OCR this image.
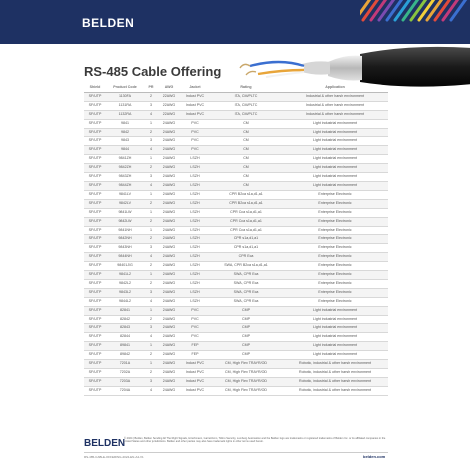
BELDEN
RS-485 Cable Offering
Shield	Product Code	PR	AWG	Jacket	Rating	Application
SF/UTP	1130FA	2	22AWG	Indust PVC	ITA, CM/PLTC	Industrial & other harsh environment
SF/UTP	1131RA	3	22AWG	Indust PVC	ITA, CM/PLTC	Industrial & other harsh environment
SF/UTP	1132RA	4	22AWG	Indust PVC	ITA, CM/PLTC	Industrial & other harsh environment
SF/UTP	9841	1	24AWG	PVC	CM	Light industrial environment
SF/UTP	9842	2	24AWG	PVC	CM	Light industrial environment
SF/UTP	9843	3	24AWG	PVC	CM	Light industrial environment
SF/UTP	9844	4	24AWG	PVC	CM	Light industrial environment
SF/UTP	9841ZH	1	24AWG	LSZH	CM	Light industrial environment
SF/UTP	9842ZH	2	24AWG	LSZH	CM	Light industrial environment
SF/UTP	9843ZH	3	24AWG	LSZH	CM	Light industrial environment
SF/UTP	9844ZH	4	24AWG	LSZH	CM	Light industrial environment
SF/UTP	9841LV	1	24AWG	LSZH	CPR B2ca s1a,d1,a1	Enterprise Electronic
SF/UTP	9842LV	2	24AWG	LSZH	CPR B2ca s1a,d1,a1	Enterprise Electronic
SF/UTP	9841LW	1	24AWG	LSZH	CPR Cca s1a,d1,a1	Enterprise Electronic
SF/UTP	9842LW	2	24AWG	LSZH	CPR Cca s1a,d1,a1	Enterprise Electronic
SF/UTP	9841NH	1	24AWG	LSZH	CPR Cca s1a,d1,a1	Enterprise Electronic
SF/UTP	9842NH	2	24AWG	LSZH	CPR s1a,d1,a1	Enterprise Electronic
SF/UTP	9843NH	3	24AWG	LSZH	CPR s1a,d1,a1	Enterprise Electronic
SF/UTP	9844NH	4	24AWG	LSZH	CPR Eca	Enterprise Electronic
SF/UTP	98401J/G	2	24AWG	LSZH	SWA, CPR B2ca s1a,d1,a1	Enterprise Electronic
SF/UTP	9841L2	1	24AWG	LSZH	SWA, CPR Eca	Enterprise Electronic
SF/UTP	9842L2	2	24AWG	LSZH	SWA, CPR Eca	Enterprise Electronic
SF/UTP	9843L2	3	24AWG	LSZH	SWA, CPR Eca	Enterprise Electronic
SF/UTP	9844L2	4	24AWG	LSZH	SWA, CPR Eca	Enterprise Electronic
SF/UTP	82841	1	24AWG	PVC	CMP	Light industrial environment
SF/UTP	82842	2	24AWG	PVC	CMP	Light industrial environment
SF/UTP	82843	3	24AWG	PVC	CMP	Light industrial environment
SF/UTP	82844	4	24AWG	PVC	CMP	Light industrial environment
SF/UTP	89841	1	24AWG	FEP	CMP	Light industrial environment
SF/UTP	89842	2	24AWG	FEP	CMP	Light industrial environment
SF/UTP	7201A	1	24AWG	Indust PVC	CM, High Flex TRAYR/OD	Robotic, industrial & other harsh environment
SF/UTP	7202A	2	24AWG	Indust PVC	CM, High Flex TRAYR/OD	Robotic, industrial & other harsh environment
SF/UTP	7203A	3	24AWG	Indust PVC	CM, High Flex TRAYR/OD	Robotic, industrial & other harsh environment
SF/UTP	7204A	4	24AWG	Indust PVC	CM, High Flex TRAYR/OD	Robotic, industrial & other harsh environment
BELDEN
© 2024 | Belden, Belden Sending All The Right Signals, Hirschmann, GarrettCom, Tofino Security, Lumberg Automation and the Belden logo are trademarks or registered trademarks of Belden Inc. or its affiliated companies in the United States and other jurisdictions. Belden and other parties may also have trademark rights in other terms used herein.
RS-485-CABLE-OFFERING-2024-EN-A4-V1	belden.com
